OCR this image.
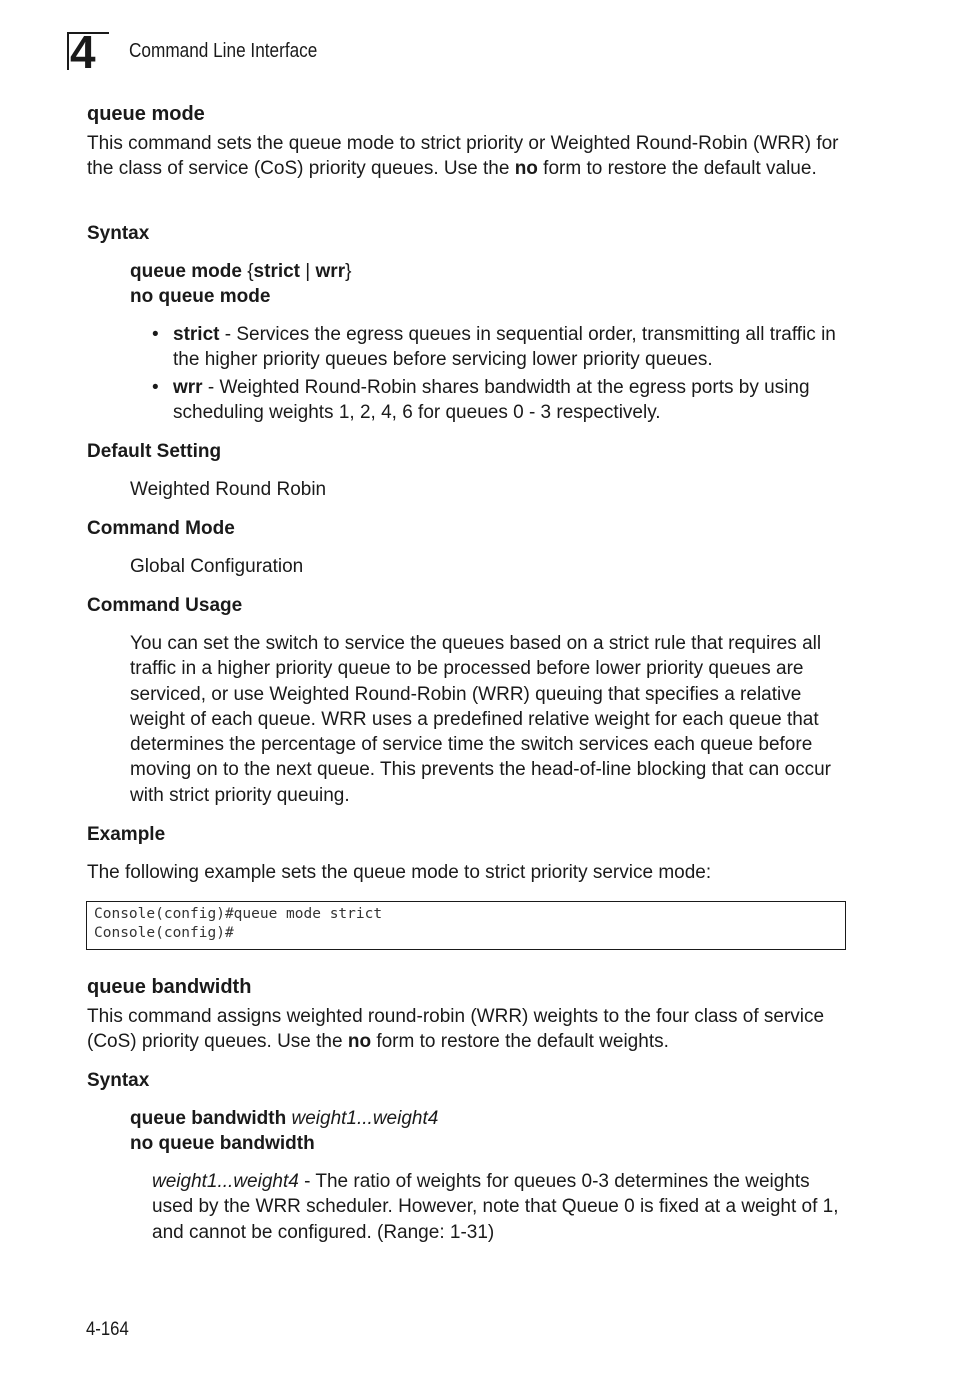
4 Command Line Interface
queue mode
This command sets the queue mode to strict priority or Weighted Round-Robin (WRR) for the class of service (CoS) priority queues. Use the no form to restore the default value.
Syntax
queue mode {strict | wrr}
no queue mode
• strict - Services the egress queues in sequential order, transmitting all traffic in the higher priority queues before servicing lower priority queues.
• wrr - Weighted Round-Robin shares bandwidth at the egress ports by using scheduling weights 1, 2, 4, 6 for queues 0 - 3 respectively.
Default Setting
Weighted Round Robin
Command Mode
Global Configuration
Command Usage
You can set the switch to service the queues based on a strict rule that requires all traffic in a higher priority queue to be processed before lower priority queues are serviced, or use Weighted Round-Robin (WRR) queuing that specifies a relative weight of each queue. WRR uses a predefined relative weight for each queue that determines the percentage of service time the switch services each queue before moving on to the next queue. This prevents the head-of-line blocking that can occur with strict priority queuing.
Example
The following example sets the queue mode to strict priority service mode:
Console(config)#queue mode strict
Console(config)#
queue bandwidth
This command assigns weighted round-robin (WRR) weights to the four class of service (CoS) priority queues. Use the no form to restore the default weights.
Syntax
queue bandwidth weight1...weight4
no queue bandwidth
weight1...weight4 - The ratio of weights for queues 0-3 determines the weights used by the WRR scheduler. However, note that Queue 0 is fixed at a weight of 1, and cannot be configured. (Range: 1-31)
4-164
